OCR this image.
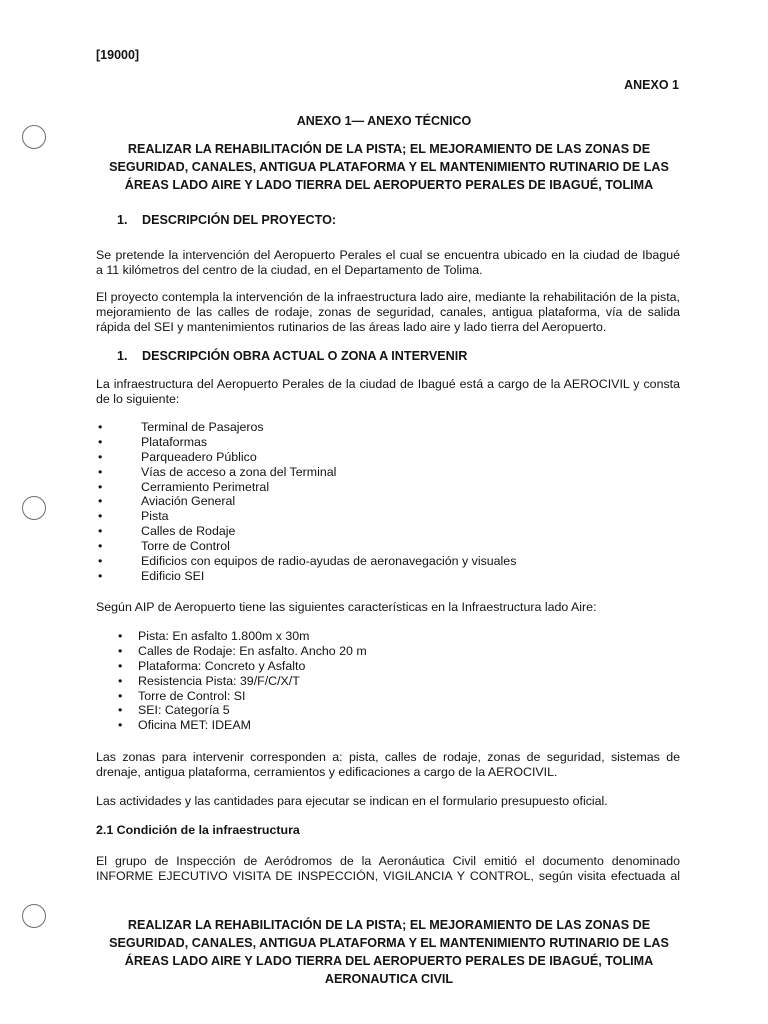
[19000]
ANEXO 1
ANEXO 1— ANEXO TÉCNICO
REALIZAR LA REHABILITACIÓN DE LA PISTA; EL MEJORAMIENTO DE LAS ZONAS DE
SEGURIDAD, CANALES, ANTIGUA PLATAFORMA Y EL MANTENIMIENTO RUTINARIO DE LAS
ÁREAS LADO AIRE Y LADO TIERRA DEL AEROPUERTO PERALES DE IBAGUÉ, TOLIMA
1. DESCRIPCIÓN DEL PROYECTO:
Se pretende la intervención del Aeropuerto Perales el cual se encuentra ubicado en la ciudad de Ibagué
a 11 kilómetros del centro de la ciudad, en el Departamento de Tolima.
El proyecto contempla la intervención de la infraestructura lado aire, mediante la rehabilitación de la pista,
mejoramiento de las calles de rodaje, zonas de seguridad, canales, antigua plataforma, vía de salida
rápida del SEI y mantenimientos rutinarios de las áreas lado aire y lado tierra del Aeropuerto.
1. DESCRIPCIÓN OBRA ACTUAL O ZONA A INTERVENIR
La infraestructura del Aeropuerto Perales de la ciudad de Ibagué está a cargo de la AEROCIVIL y consta
de lo siguiente:
•	Terminal de Pasajeros
•	Plataformas
•	Parqueadero Público
•	Vías de acceso a zona del Terminal
•	Cerramiento Perimetral
•	Aviación General
•	Pista
•	Calles de Rodaje
•	Torre de Control
•	Edificios con equipos de radio-ayudas de aeronavegación y visuales
•	Edificio SEI
Según AIP de Aeropuerto tiene las siguientes características en la Infraestructura lado Aire:
• Pista: En asfalto 1.800m x 30m
• Calles de Rodaje: En asfalto. Ancho 20 m
• Plataforma: Concreto y Asfalto
• Resistencia Pista: 39/F/C/X/T
• Torre de Control: SI
• SEI: Categoría 5
• Oficina MET: IDEAM
Las zonas para intervenir corresponden a: pista, calles de rodaje, zonas de seguridad, sistemas de
drenaje, antigua plataforma, cerramientos y edificaciones a cargo de la AEROCIVIL.
Las actividades y las cantidades para ejecutar se indican en el formulario presupuesto oficial.
2.1 Condición de la infraestructura
El grupo de Inspección de Aeródromos de la Aeronáutica Civil emitió el documento denominado
INFORME EJECUTIVO VISITA DE INSPECCIÓN, VIGILANCIA Y CONTROL, según visita efectuada al
REALIZAR LA REHABILITACIÓN DE LA PISTA; EL MEJORAMIENTO DE LAS ZONAS DE
SEGURIDAD, CANALES, ANTIGUA PLATAFORMA Y EL MANTENIMIENTO RUTINARIO DE LAS
ÁREAS LADO AIRE Y LADO TIERRA DEL AEROPUERTO PERALES DE IBAGUÉ, TOLIMA
AERONAUTICA CIVIL
